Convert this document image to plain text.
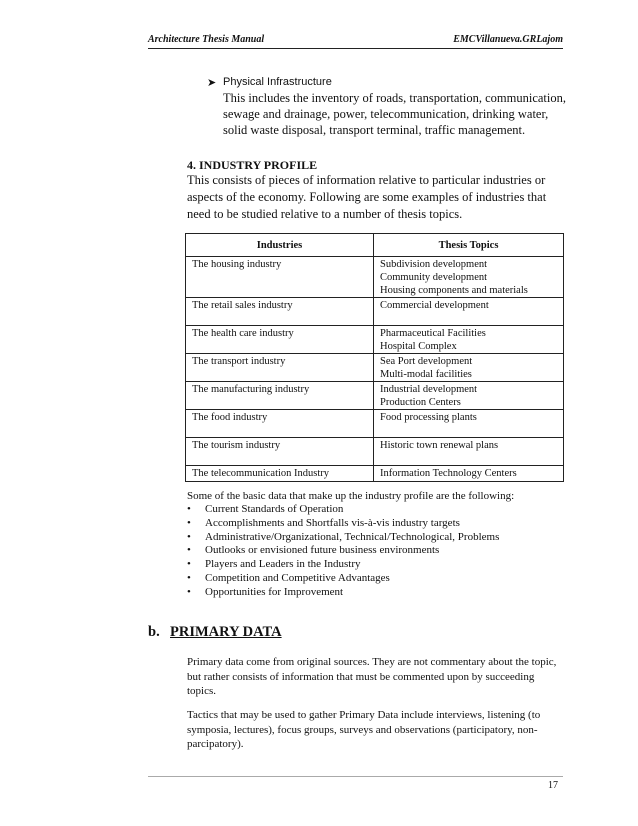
Architecture Thesis Manual	EMCVillanueva.GRLajom
➤ Physical Infrastructure
This includes the inventory of roads, transportation, communication, sewage and drainage, power, telecommunication, drinking water, solid waste disposal, transport terminal, traffic management.
4. INDUSTRY PROFILE
This consists of pieces of information relative to particular industries or aspects of the economy. Following are some examples of industries that need to be studied relative to a number of thesis topics.
Industries	Thesis Topics
The housing industry	Subdivision development
Community development
Housing components and materials

The retail sales industry	Commercial development

The health care industry	Pharmaceutical Facilities
Hospital Complex

The transport industry	Sea Port development
Multi-modal facilities

The manufacturing industry	Industrial development
Production Centers

The food industry	Food processing plants

The tourism industry	Historic town renewal plans

The telecommunication Industry	Information Technology Centers
Some of the basic data that make up the industry profile are the following:
• Current Standards of Operation
• Accomplishments and Shortfalls vis-à-vis industry targets
• Administrative/Organizational, Technical/Technological, Problems
• Outlooks or envisioned future business environments
• Players and Leaders in the Industry
• Competition and Competitive Advantages
• Opportunities for Improvement
b. PRIMARY DATA
Primary data come from original sources. They are not commentary about the topic, but rather consists of information that must be commented upon by succeeding topics.
Tactics that may be used to gather Primary Data include interviews, listening (to symposia, lectures), focus groups, surveys and observations (participatory, non-parcipatory).
17
